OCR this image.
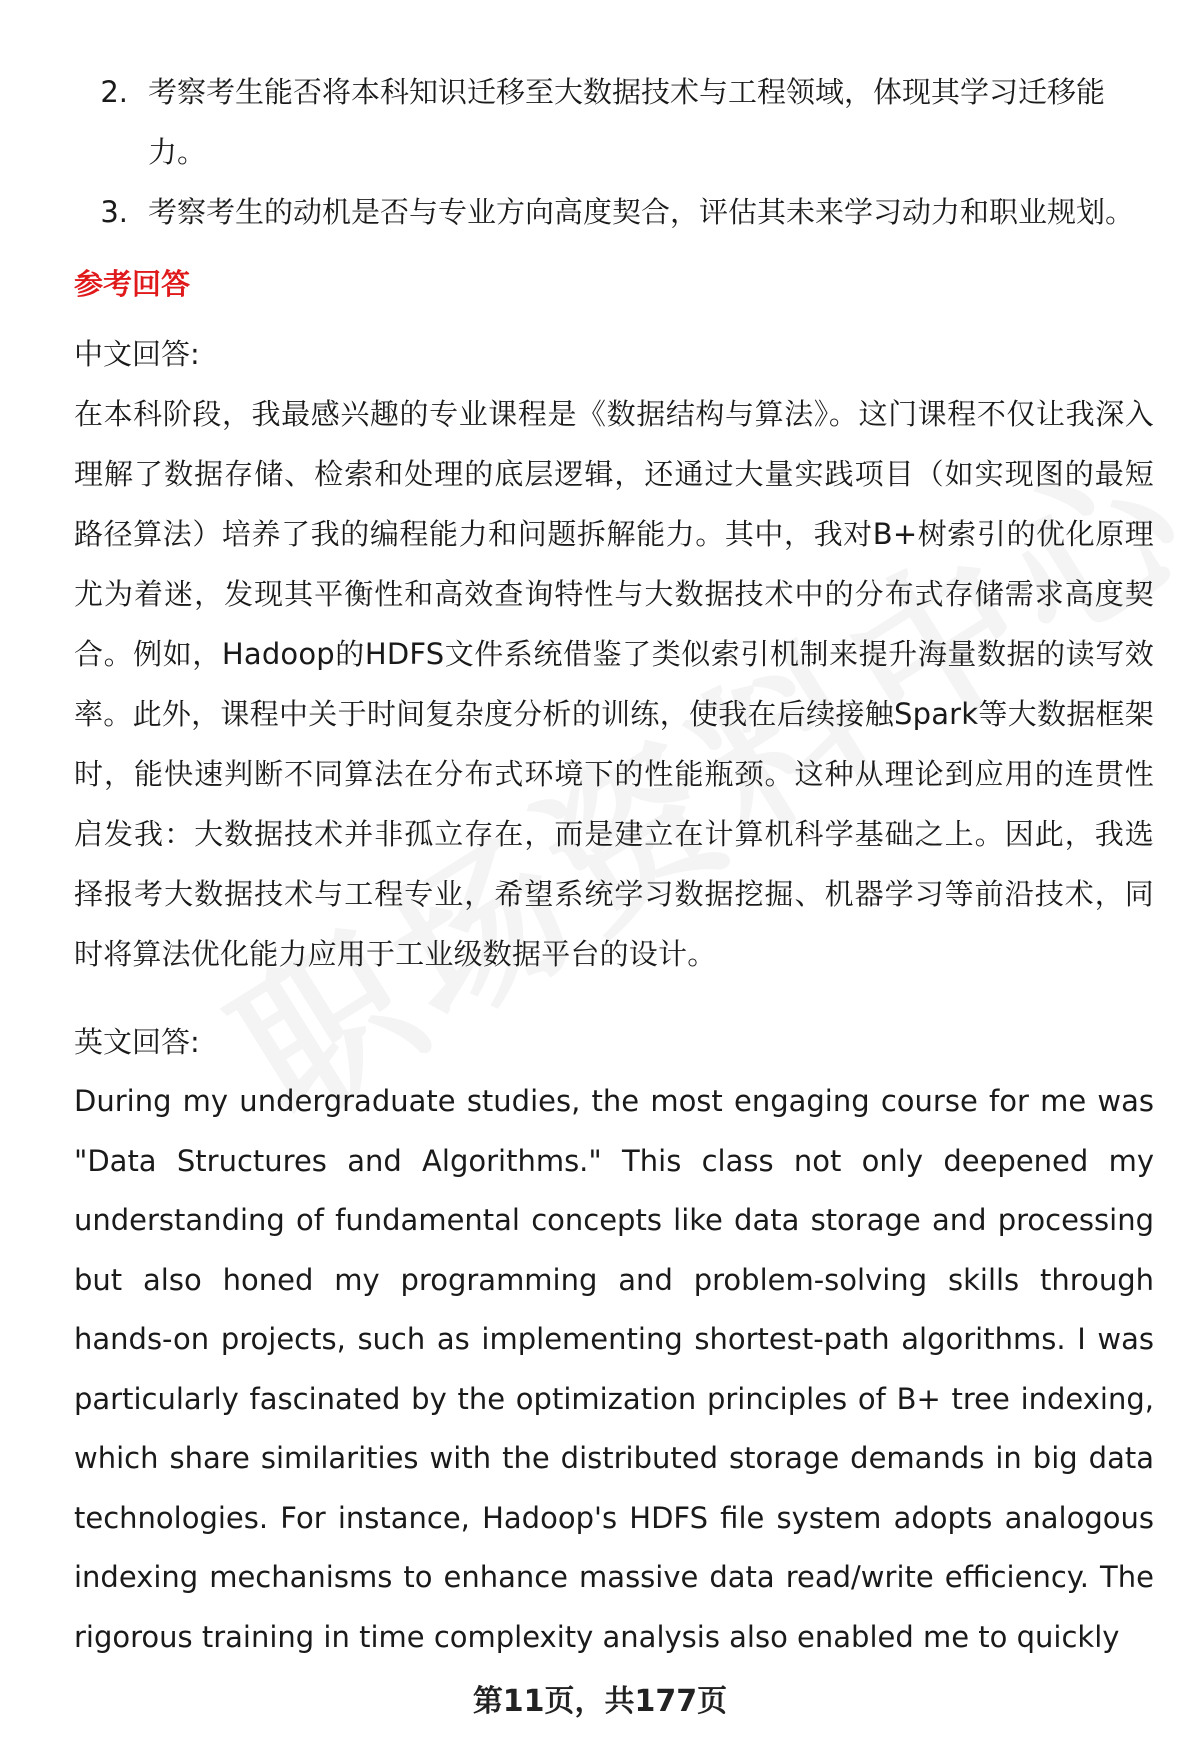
2. 考察考生能否将本科知识迁移至大数据技术与工程领域，体现其学习迁移能力。
3. 考察考生的动机是否与专业方向高度契合，评估其未来学习动力和职业规划。
参考回答

中文回答:

在本科阶段，我最感兴趣的专业课程是《数据结构与算法》。这门课程不仅让我深入理解了数据存储、检索和处理的底层逻辑，还通过大量实践项目（如实现图的最短路径算法）培养了我的编程能力和问题拆解能力。其中，我对B+树索引的优化原理尤为着迷，发现其平衡性和高效查询特性与大数据技术中的分布式存储需求高度契合。例如，Hadoop的HDFS文件系统借鉴了类似索引机制来提升海量数据的读写效率。此外，课程中关于时间复杂度分析的训练，使我在后续接触Spark等大数据框架时，能快速判断不同算法在分布式环境下的性能瓶颈。这种从理论到应用的连贯性启发我：大数据技术并非孤立存在，而是建立在计算机科学基础之上。因此，我选择报考大数据技术与工程专业，希望系统学习数据挖掘、机器学习等前沿技术，同时将算法优化能力应用于工业级数据平台的设计。

英文回答:

During my undergraduate studies, the most engaging course for me was "Data Structures and Algorithms." This class not only deepened my understanding of fundamental concepts like data storage and processing but also honed my programming and problem-solving skills through hands-on projects, such as implementing shortest-path algorithms. I was particularly fascinated by the optimization principles of B+ tree indexing, which share similarities with the distributed storage demands in big data technologies. For instance, Hadoop's HDFS file system adopts analogous indexing mechanisms to enhance massive data read/write efficiency. The rigorous training in time complexity analysis also enabled me to quickly

第11页，共177页
